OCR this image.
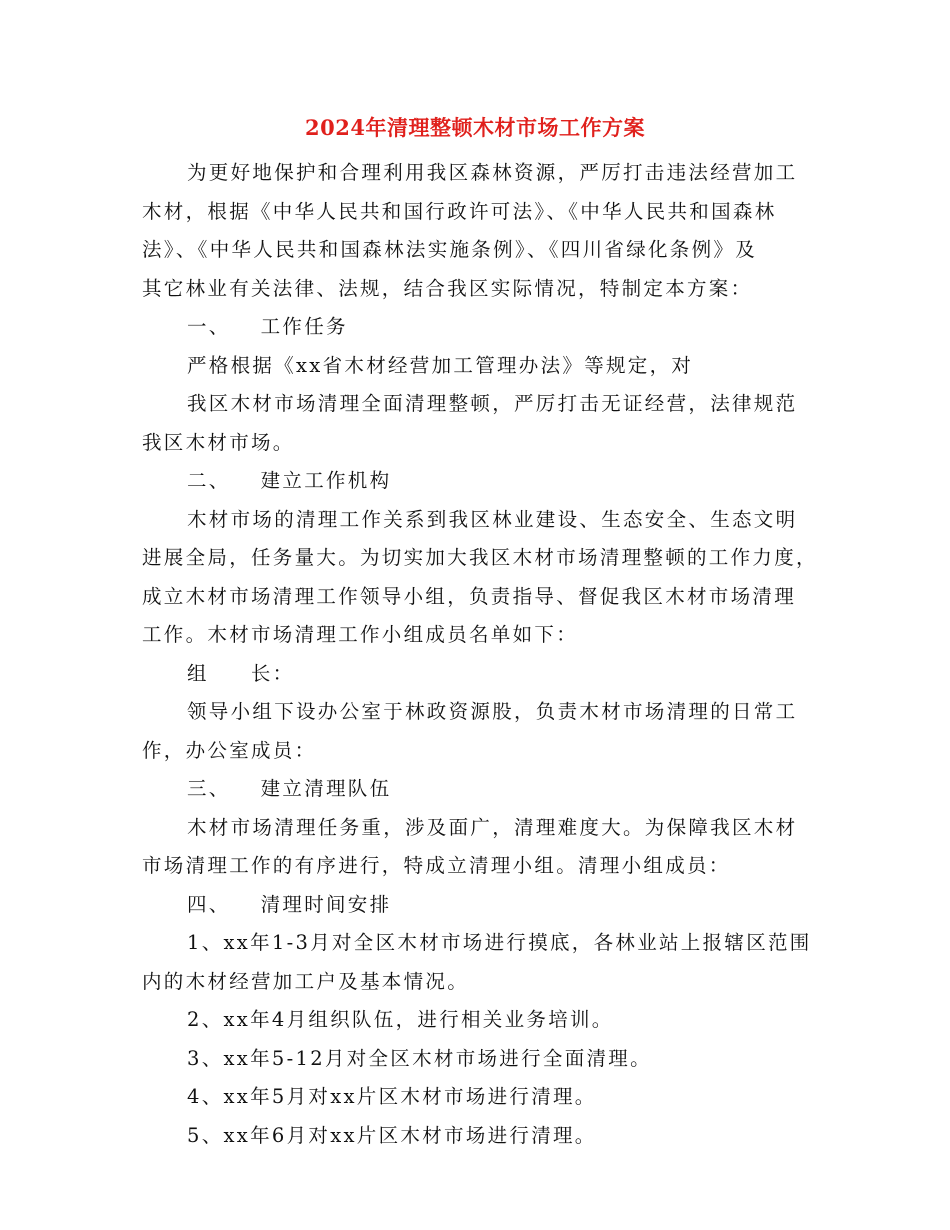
2024年清理整顿木材市场工作方案
为更好地保护和合理利用我区森林资源，严厉打击违法经营加工
木材，根据《中华人民共和国行政许可法》、《中华人民共和国森林
法》、《中华人民共和国森林法实施条例》、《四川省绿化条例》及
其它林业有关法律、法规，结合我区实际情况，特制定本方案：
一、 工作任务
严格根据《xx省木材经营加工管理办法》等规定，对
我区木材市场清理全面清理整顿，严厉打击无证经营，法律规范
我区木材市场。
二、 建立工作机构
木材市场的清理工作关系到我区林业建设、生态安全、生态文明
进展全局，任务量大。为切实加大我区木材市场清理整顿的工作力度，
成立木材市场清理工作领导小组，负责指导、督促我区木材市场清理
工作。木材市场清理工作小组成员名单如下：
组 长：
领导小组下设办公室于林政资源股，负责木材市场清理的日常工
作，办公室成员：
三、 建立清理队伍
木材市场清理任务重，涉及面广，清理难度大。为保障我区木材
市场清理工作的有序进行，特成立清理小组。清理小组成员：
四、 清理时间安排
1、xx年1-3月对全区木材市场进行摸底，各林业站上报辖区范围
内的木材经营加工户及基本情况。
2、xx年4月组织队伍，进行相关业务培训。
3、xx年5-12月对全区木材市场进行全面清理。
4、xx年5月对xx片区木材市场进行清理。
5、xx年6月对xx片区木材市场进行清理。
